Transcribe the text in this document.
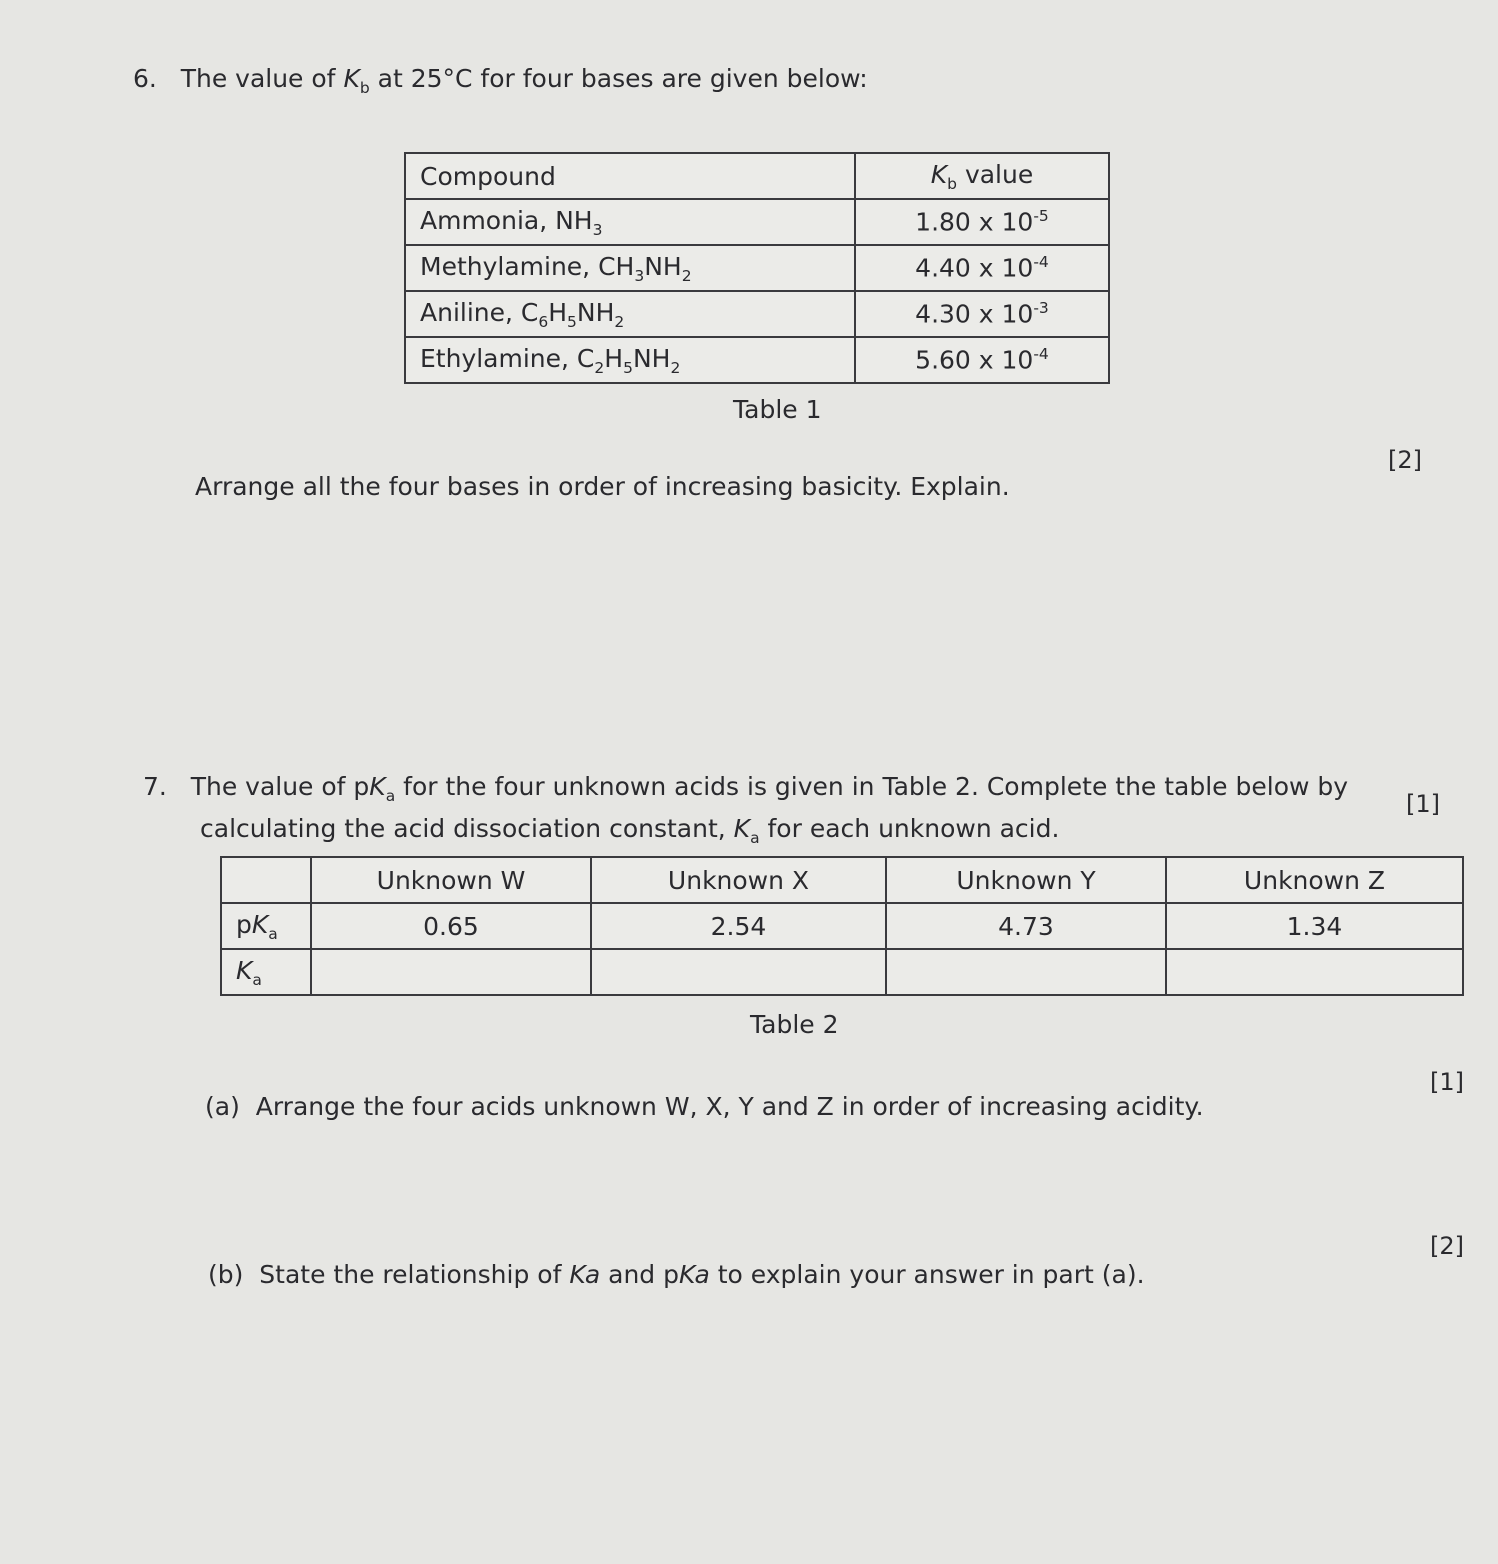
6. The value of $K_b$ at 25°C for four bases are given below:
Compound	$K_b$ value
Ammonia, $NH_3$	1.80 x $10^{-5}$
Methylamine, $CH_3NH_2$	4.40 x $10^{-4}$
Aniline, $C_6H_5NH_2$	4.30 x $10^{-3}$
Ethylamine, $C_2H_5NH_2$	5.60 x $10^{-4}$
Table 1
[2]
Arrange all the four bases in order of increasing basicity. Explain.
7. The value of $pK_a$ for the four unknown acids is given in Table 2. Complete the table below by
calculating the acid dissociation constant, $K_a$ for each unknown acid.
[1]
	Unknown W	Unknown X	Unknown Y	Unknown Z
$pK_a$	0.65	2.54	4.73	1.34
$K_a$				
Table 2
(a) Arrange the four acids unknown W, X, Y and Z in order of increasing acidity.
[1]
(b) State the relationship of Ka and pKa to explain your answer in part (a).
[2]
